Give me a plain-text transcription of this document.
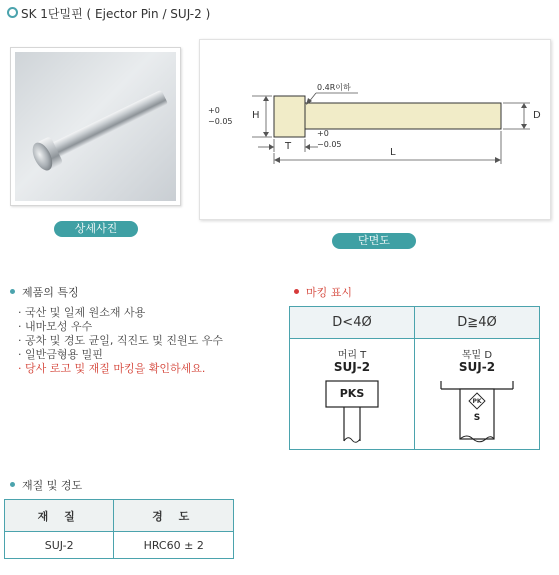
SK 1단밀핀 ( Ejector Pin / SUJ-2 )
상세사진
+0
−0.05
H
T
L
D
0.4R이하
+0
−0.05
단면도
제품의 특징
· 국산 및 일제 원소재 사용
· 내마모성 우수
· 공차 및 경도 균일, 직진도 및 진원도 우수
· 일반금형용 밀핀
· 당사 로고 및 재질 마킹을 확인하세요.
마킹 표시
D<4Ø	D≧4Ø
머리 T
SUJ-2
PKS
목밑 D
SUJ-2
PK
S
재질 및 경도
재 질	경 도
SUJ-2	HRC60 ± 2
